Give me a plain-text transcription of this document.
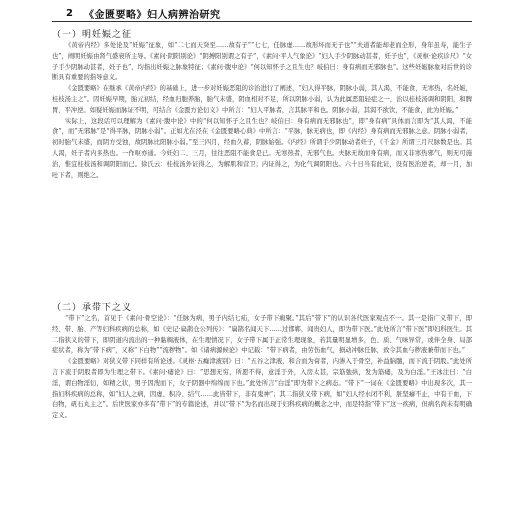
2	《金匮要略》妇人病辨治研究
（一）明妊娠之征

《黄帝内经》多处论及“妊娠”征象，如“二七而天癸至……故有子”“七七，任脉虚……故形坏而无子也”“夫道者能却老而全形，身年虽寿，能生子也”，阐明妊娠由肾气盛衰所主导。《素问·阴阳别论》“阴搏阳别谓之有子”，《素问·平人气象论》“妇人手少阴脉动甚者，妊子也”，《灵枢·论疾诊尺》“女子手少阴脉动甚者，妊子也”，均指出妊娠之脉象特征；《素问·腹中论》“何以知怀子之且生也？岐伯曰：身有病而无邪脉也”。这些妊娠脉象对后世的诊断具有重要的指导意义。

《金匮要略》在继承《黄帝内经》的基础上，进一步对妊娠恶阻的诊治进行了阐述，“妇人得平脉，阴脉小弱，其人渴，不能食，无寒热，名妊娠，桂枝汤主之”。因妊娠早期，胎元初结，经血归胞养胎，胎气未盛，阴血相对不足，所以阴脉小弱，认为此属恶阻轻症之一，治以桂枝汤调和阴阳，和脾胃，平冲逆。如疑妊娠而脉证不明，可结合《金匮方论衍义》中所言：“妇人平脉者，言其脉平和也。阴脉小弱，其渴不欲饮，不能食，此为妊娠。”

实际上，这段话可以理解为《素问·腹中论》中的“何以知怀子之且生也？岐伯曰：身有病而无邪脉也”，即“身有病”具体而言即为“其人渴，不能食”，而“无邪脉”是“得平脉，阴脉小弱”。正如尤在泾在《金匮要略心典》中所言：“平脉，脉无病也，即《内经》身有病而无邪脉之意。阴脉小弱者，初时胎气未盛，而阴方受蚀，故阴脉比阳脉小弱。”至三四月，经血久蓄，阴脉始强。《内经》所谓手少阴脉动者妊子，《千金》所谓三月尺脉数是也。其人渴，妊子者内多热也。一作呕亦通。今妊妇二、三月，往往恶阻不能食是已。无寒热者，无邪气也。夫脉无故而身有病，而又非寒热邪气，则无可施治，惟宜桂枝汤和调阴阳而已。徐氏云：桂枝汤外证得之，为解肌和营卫；内证得之，为化气调阴阳也。六十日当有此证，设有医治逆者，却一月，加吐下者，则绝之。

（二）承带下之义

“带下”之名，首见于《素问·骨空论》：“任脉为病，男子内结七疝，女子带下瘕聚。”其后“带下”的认识各代医家观点不一。其一是指广义带下，即经、带、胎、产等妇科疾病的总称，如《史记·扁鹊仓公列传》：“扁鹊名闻天下……过邯郸，闻贵妇人，即为带下医。”此处所言“带下医”即妇科医生。其二指狭义的带下，即阴道内流出的一种黏稠液体，在生理情况下，女子带下属于正常生理现象，若其量明显增多，色、质、气味异常，或伴全身、局部症状者，称为“带下病”，又称“下白物”“流秽物”。如《诸病源候论》中记载：“带下病者，由劳伤血气，损动冲脉任脉，致令其血与秽液兼带而下也。”

《金匮要略》对狭义带下同样有所论述。《灵枢·五癃津液别》曰：“五谷之津液，和合而为膏者，内渗入于骨空，补益脑髓，而下流于阴股。”此处所言下流于阴股者即为生理之带下。《素问·痿论》曰：“思想无穷，所愿不得，意淫于外，入房太甚，宗筋弛纵，发为筋痿，及为白淫。”王冰注曰：“白淫，谓白物淫衍，如精之状，男子因溲而下，女子阴器中绵绵而下也。”此处所言“白淫”即为带下之病态。“带下”一词在《金匮要略》中出现多次，其一指妇科疾病的总称，如“妇人之病，因虚、积冷、结气……此皆带下，非有鬼神”；其二指狭义带下病，如“妇人经水闭不利，脏坚癖不止，中有干血，下白物，矾石丸主之”。后世医家亦多有“带下”的专篇论述，并以“带下”为名而出现于妇科疾病的概念之中，而是特指“带下”这一疾病，但病名尚未有明确定义。
